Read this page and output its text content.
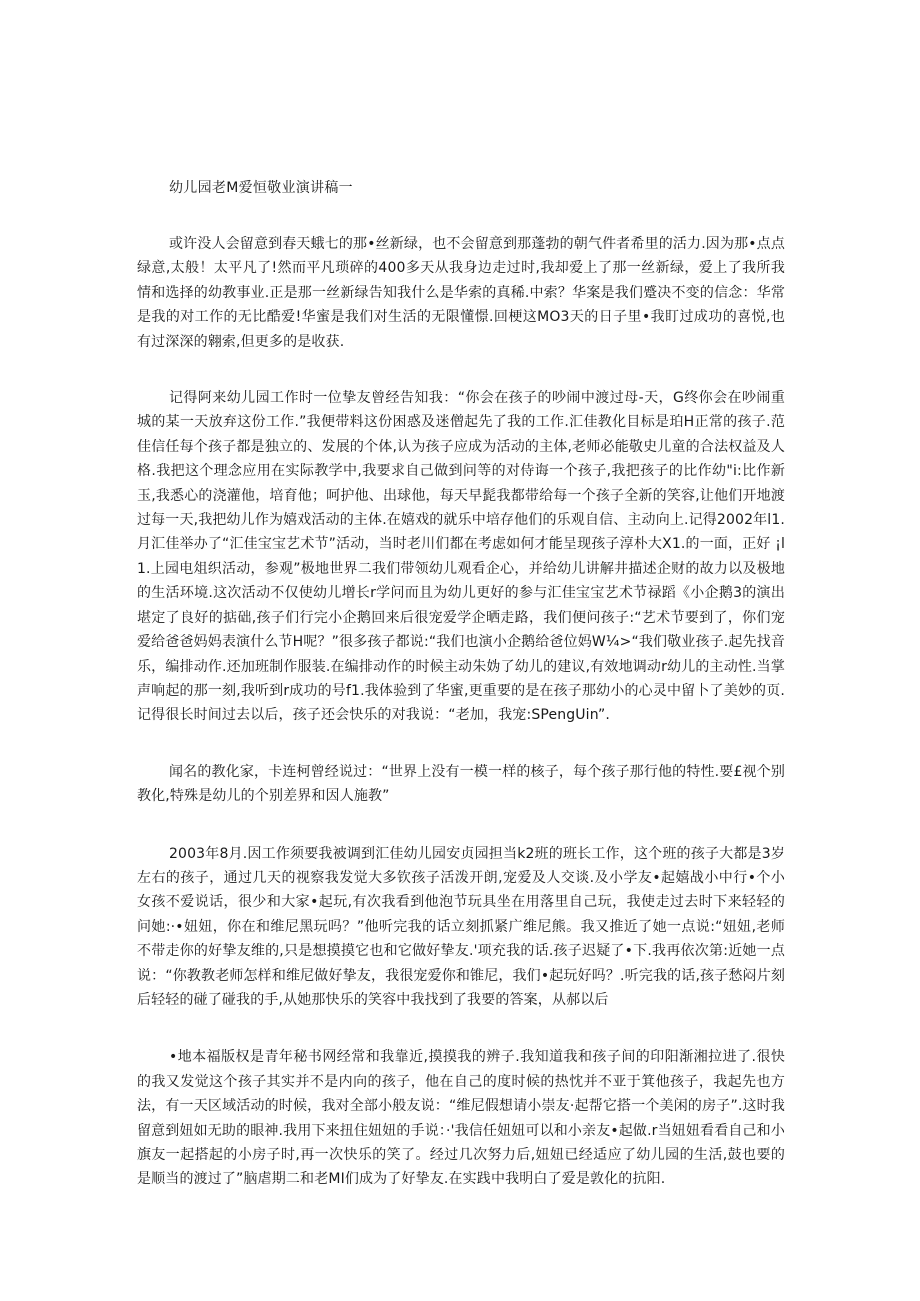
幼儿园老M爱恒敬业演讲稿一

或许没人会留意到春天蛾七的那•丝新绿，也不会留意到那蓬勃的朝气件者希里的活力.因为那•点点绿意,太般！太平凡了!然而平凡琐碎的400多天从我身边走过时,我却爱上了那一丝新绿，爱上了我所我情和选择的幼教事业.正是那一丝新绿告知我什么是华索的真稀.中索？华案是我们蹙决不变的信念：华常是我的对工作的无比酷爱!华蜜是我们对生活的无限懂憬.回梗这MO3天的日子里•我盯过成功的喜悦,也有过深深的翱索,但更多的是收获.

记得阿来幼儿园工作时一位挚友曾经告知我：“你会在孩子的吵闹中渡过母-天，G终你会在吵闹重城的某一天放弃这份工作.”我便带料这份困惑及迷僧起先了我的工作.汇佳教化目标是珀H正常的孩子.范佳信任每个孩子都是独立的、发展的个体,认为孩子应成为活动的主体,老师必能敬史儿童的合法权益及人格.我把这个理念应用在实际教学中,我要求自己做到问等的对侍诲一个孩子,我把孩子的比作幼"i:比作新玉,我悉心的浇灌他，培育他；呵护他、出球他，每天早髭我都带给每一个孩子全新的笑容,让他们开地渡过每一天,我把幼儿作为嬉戏活动的主体.在嬉戏的就乐中培存他们的乐观自信、主动向上.记得2002年l1.月汇佳举办了“汇佳宝宝艺术节”活动，当时老川们都在考虑如何才能呈现孩子淳朴大X1.的一面，正好 ¡l1.上园电俎织活动，参观”极地世界二我们带领幼儿观看企心，并给幼儿讲解井描述企财的故力以及极地的生活环境.这次活动不仅使幼儿增长r学问而且为幼儿更好的参与汇佳宝宝艺术节禄蹈《小企鹅3的演出堪定了良好的掂础,孩子们行完小企鹅回来后很宠爱学企晒走路，我们便问孩子:“艺术节要到了，你们宠爱给爸爸妈妈表演什么节H呢？”很多孩子都说:“我们也演小企鹅给爸位妈W¼>“我们敬业孩子.起先找音乐，编排动作.还加班制作服装.在编排动作的时候主动朱妫了幼儿的建议,有效地调动r幼儿的主动性.当掌声响起的那一刻,我听到r成功的号f1.我体验到了华蜜,更重要的是在孩子那幼小的心灵中留卜了美妙的页.记得很长时间过去以后，孩子还会快乐的对我说：“老加，我宠:SPengUin”.

闻名的教化家，卡连柯曾经说过：“世界上没有一模一样的核子，每个孩子那行他的特性.要£视个别教化,特殊是幼儿的个别差界和因人施教”

2003年8月.因工作须要我被调到汇佳幼儿园安贞园担当k2班的班长工作，这个班的孩子大都是3岁左右的孩子，通过几天的视察我发觉大多钦孩子活泼开朗,宠爱及人交谈.及小学友•起嬉战小中行•个小女孩不爱说话，很少和大家•起玩,有次我看到他泡节玩具坐在用落里自己玩，我使走过去时下来轻轻的问她:·•妞妞，你在和维尼黑玩吗？”他听完我的话立刻抓紧广维尼熊。我又推近了她一点说:“妞妞,老师不带走你的好挚友维的,只是想摸摸它也和它做好挚友.'项充我的话.孩子迟疑了•下.我再依次第:近她一点说：“你教教老师怎样和维尼做好挚友，我很宠爱你和锥尼，我们•起玩好吗？.听完我的话,孩子愁闷片刻后轻轻的碰了碰我的手,从她那快乐的笑容中我找到了我要的答案，从郝以后

•地本福版权是青年秘书网经常和我靠近,摸摸我的辨子.我知道我和孩子间的印阳渐湘拉进了.很快的我又发觉这个孩子其实并不是内向的孩子，他在自己的度时候的热忱并不亚于箕他孩子，我起先也方法，有一天区域活动的时候，我对全部小般友说：“维尼假想请小崇友·起帮它搭一个美闲的房子”.这时我留意到妞如无助的眼神.我用下来扭住妞妞的手说：·'我信任妞妞可以和小亲友•起做.r当妞妞看看自己和小旗友一起搭起的小房子时,再一次快乐的笑了。经过几次努力后,妞妞已经适应了幼儿园的生活,鼓也要的是顺当的渡过了”脑虐期二和老MI们成为了好挚友.在实践中我明白了爱是敦化的抗阳.
